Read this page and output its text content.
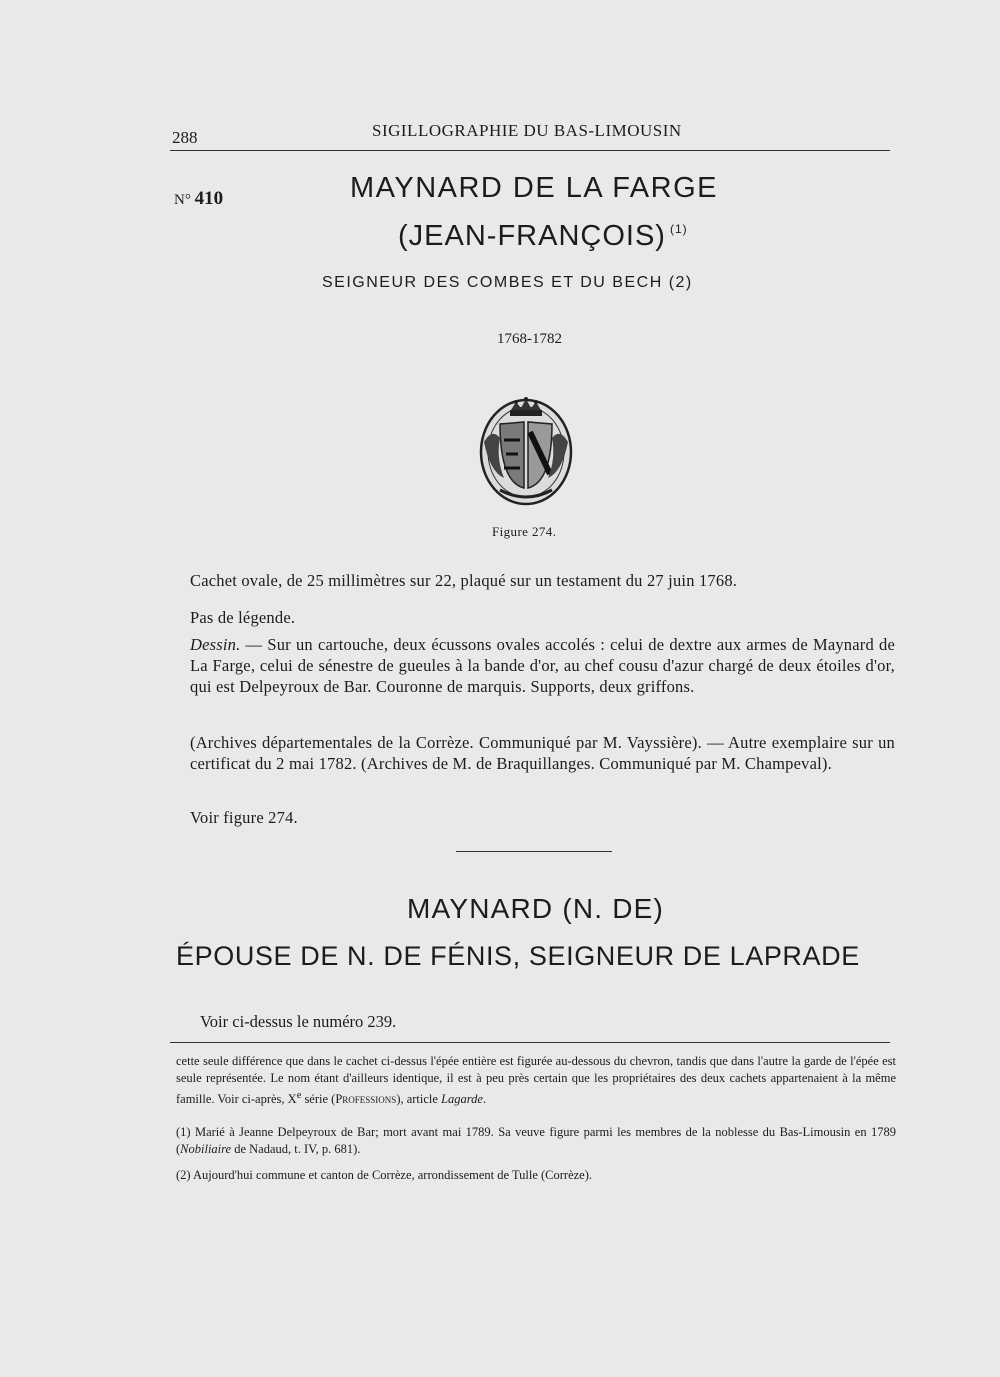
288	SIGILLOGRAPHIE DU BAS-LIMOUSIN
N° 410	MAYNARD DE LA FARGE
(JEAN-FRANÇOIS) $^{(1)}$
SEIGNEUR DES COMBES ET DU BECH (2)
1768-1782
Figure 274.
Cachet ovale, de 25 millimètres sur 22, plaqué sur un testament du 27 juin 1768.
Pas de légende.
Dessin. — Sur un cartouche, deux écussons ovales accolés : celui de dextre aux armes de Maynard de La Farge, celui de sénestre de gueules à la bande d'or, au chef cousu d'azur chargé de deux étoiles d'or, qui est Delpeyroux de Bar. Couronne de marquis. Supports, deux griffons.
(Archives départementales de la Corrèze. Communiqué par M. Vayssière). — Autre exemplaire sur un certificat du 2 mai 1782. (Archives de M. de Braquillanges. Communiqué par M. Champeval).
Voir figure 274.
MAYNARD (N. DE)
ÉPOUSE DE N. DE FÉNIS, SEIGNEUR DE LAPRADE
Voir ci-dessus le numéro 239.
cette seule différence que dans le cachet ci-dessus l'épée entière est figurée au-dessous du chevron, tandis que dans l'autre la garde de l'épée est seule représentée. Le nom étant d'ailleurs identique, il est à peu près certain que les propriétaires des deux cachets appartenaient à la même famille. Voir ci-après, Xe série (Professions), article Lagarde.
(1) Marié à Jeanne Delpeyroux de Bar; mort avant mai 1789. Sa veuve figure parmi les membres de la noblesse du Bas-Limousin en 1789 (Nobiliaire de Nadaud, t. IV, p. 681).
(2) Aujourd'hui commune et canton de Corrèze, arrondissement de Tulle (Corrèze).
